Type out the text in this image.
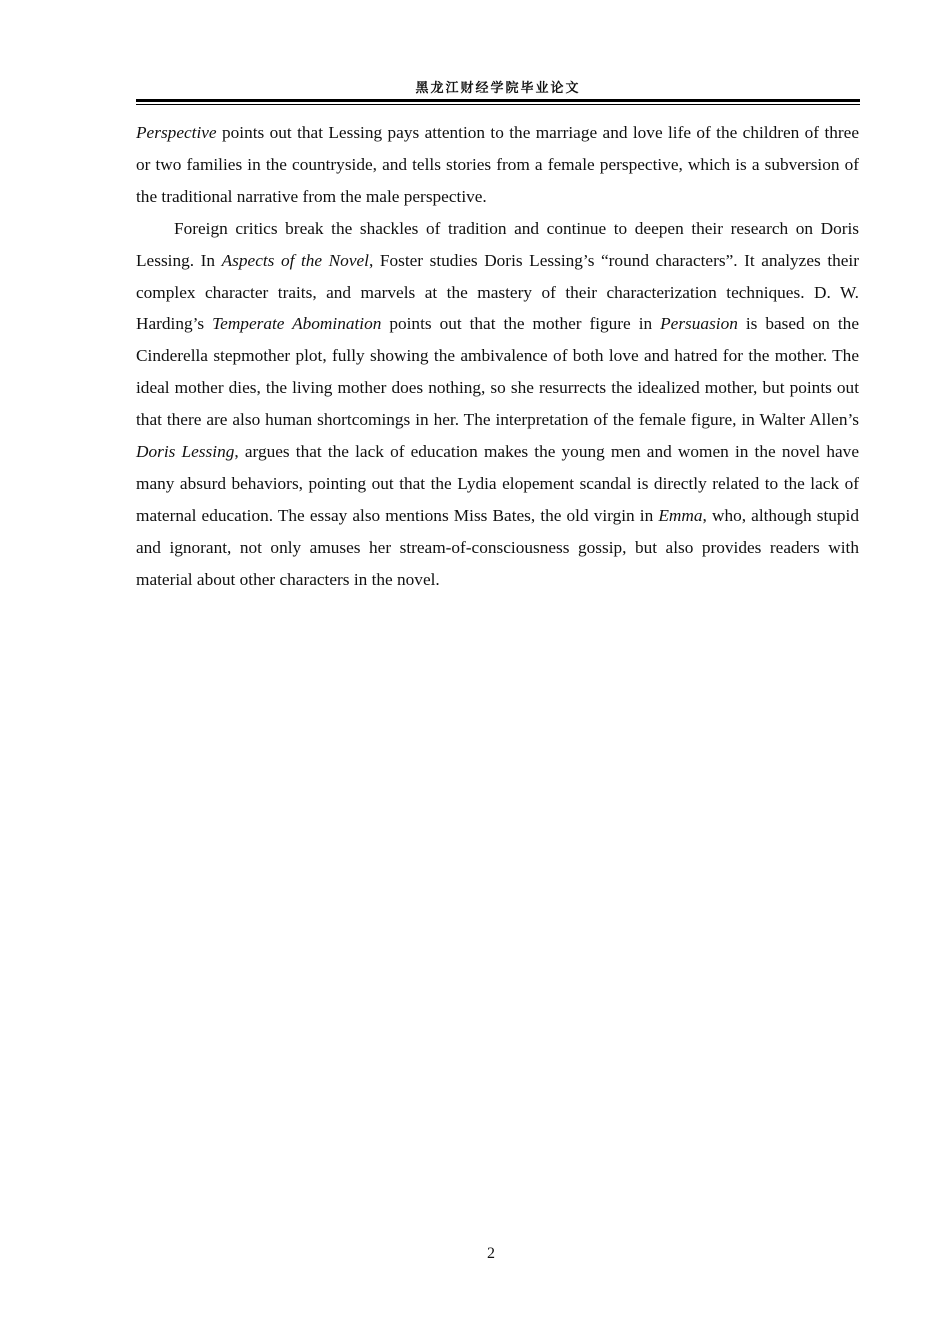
黑龙江财经学院毕业论文

Perspective points out that Lessing pays attention to the marriage and love life of the children of three or two families in the countryside, and tells stories from a female perspective, which is a subversion of the traditional narrative from the male perspective.

Foreign critics break the shackles of tradition and continue to deepen their research on Doris Lessing. In Aspects of the Novel, Foster studies Doris Lessing’s “round characters”. It analyzes their complex character traits, and marvels at the mastery of their characterization techniques. D. W. Harding’s Temperate Abomination points out that the mother figure in Persuasion is based on the Cinderella stepmother plot, fully showing the ambivalence of both love and hatred for the mother. The ideal mother dies, the living mother does nothing, so she resurrects the idealized mother, but points out that there are also human shortcomings in her. The interpretation of the female figure, in Walter Allen’s Doris Lessing, argues that the lack of education makes the young men and women in the novel have many absurd behaviors, pointing out that the Lydia elopement scandal is directly related to the lack of maternal education. The essay also mentions Miss Bates, the old virgin in Emma, who, although stupid and ignorant, not only amuses her stream-of-consciousness gossip, but also provides readers with material about other characters in the novel.

2
